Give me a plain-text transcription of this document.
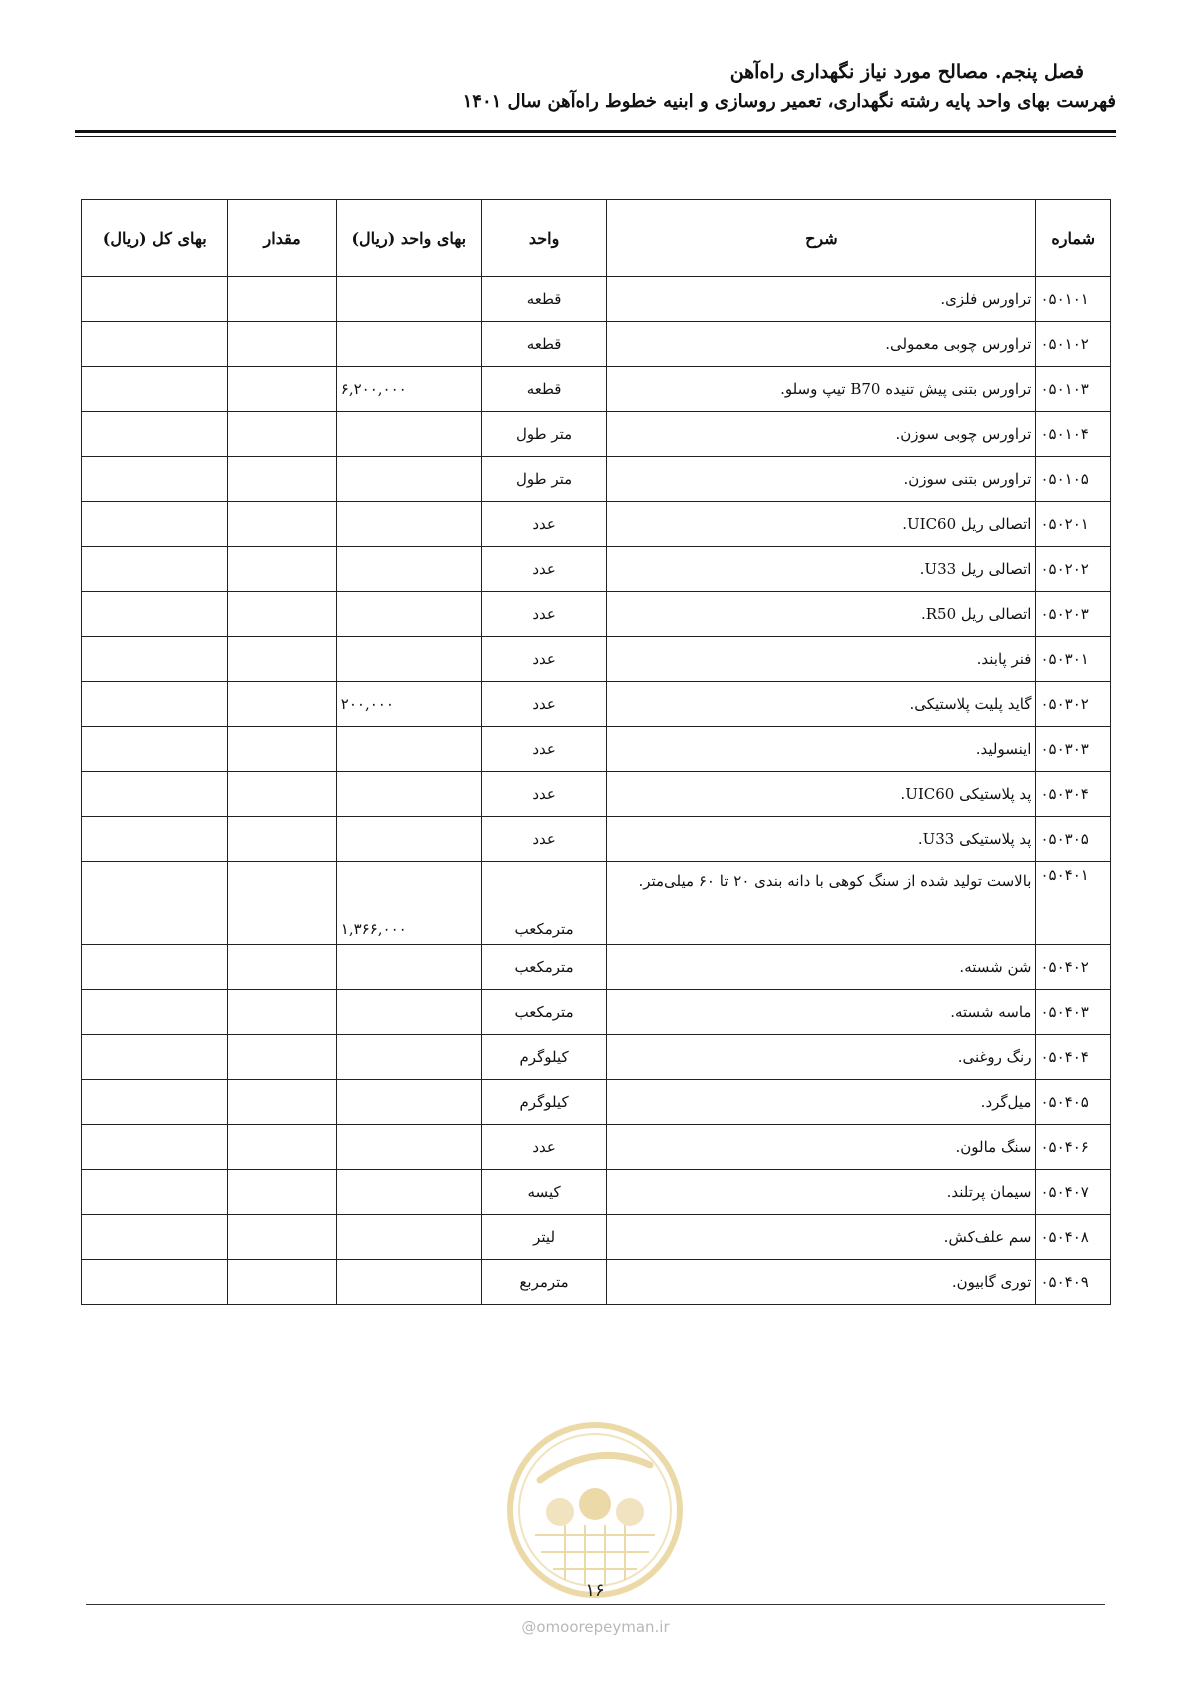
فصل پنجم. مصالح مورد نیاز نگهداری راه‌آهن
فهرست بهای واحد پایه رشته نگهداری، تعمیر روسازی و ابنیه خطوط راه‌آهن سال ۱۴۰۱
شماره	شرح	واحد	بهای واحد (ریال)	مقدار	بهای کل (ریال)
۰۵۰۱۰۱	تراورس فلزی.	قطعه			
۰۵۰۱۰۲	تراورس چوبی معمولی.	قطعه			
۰۵۰۱۰۳	تراورس بتنی پیش تنیده B70 تیپ وسلو.	قطعه	۶,۲۰۰,۰۰۰		
۰۵۰۱۰۴	تراورس چوبی سوزن.	متر طول			
۰۵۰۱۰۵	تراورس بتنی سوزن.	متر طول			
۰۵۰۲۰۱	اتصالی ریل UIC60.	عدد			
۰۵۰۲۰۲	اتصالی ریل U33.	عدد			
۰۵۰۲۰۳	اتصالی ریل R50.	عدد			
۰۵۰۳۰۱	فنر پابند.	عدد			
۰۵۰۳۰۲	گاید پلیت پلاستیکی.	عدد	۲۰۰,۰۰۰		
۰۵۰۳۰۳	اینسولید.	عدد			
۰۵۰۳۰۴	پد پلاستیکی UIC60.	عدد			
۰۵۰۳۰۵	پد پلاستیکی U33.	عدد			
۰۵۰۴۰۱	بالاست تولید شده از سنگ کوهی با دانه بندی ۲۰ تا ۶۰ میلی‌متر.	مترمکعب	۱,۳۶۶,۰۰۰		
۰۵۰۴۰۲	شن شسته.	مترمکعب			
۰۵۰۴۰۳	ماسه شسته.	مترمکعب			
۰۵۰۴۰۴	رنگ روغنی.	کیلوگرم			
۰۵۰۴۰۵	میل‌گرد.	کیلوگرم			
۰۵۰۴۰۶	سنگ مالون.	عدد			
۰۵۰۴۰۷	سیمان پرتلند.	کیسه			
۰۵۰۴۰۸	سم علف‌کش.	لیتر			
۰۵۰۴۰۹	توری گابیون.	مترمربع			
۱۶
@omoorepeyman.ir
